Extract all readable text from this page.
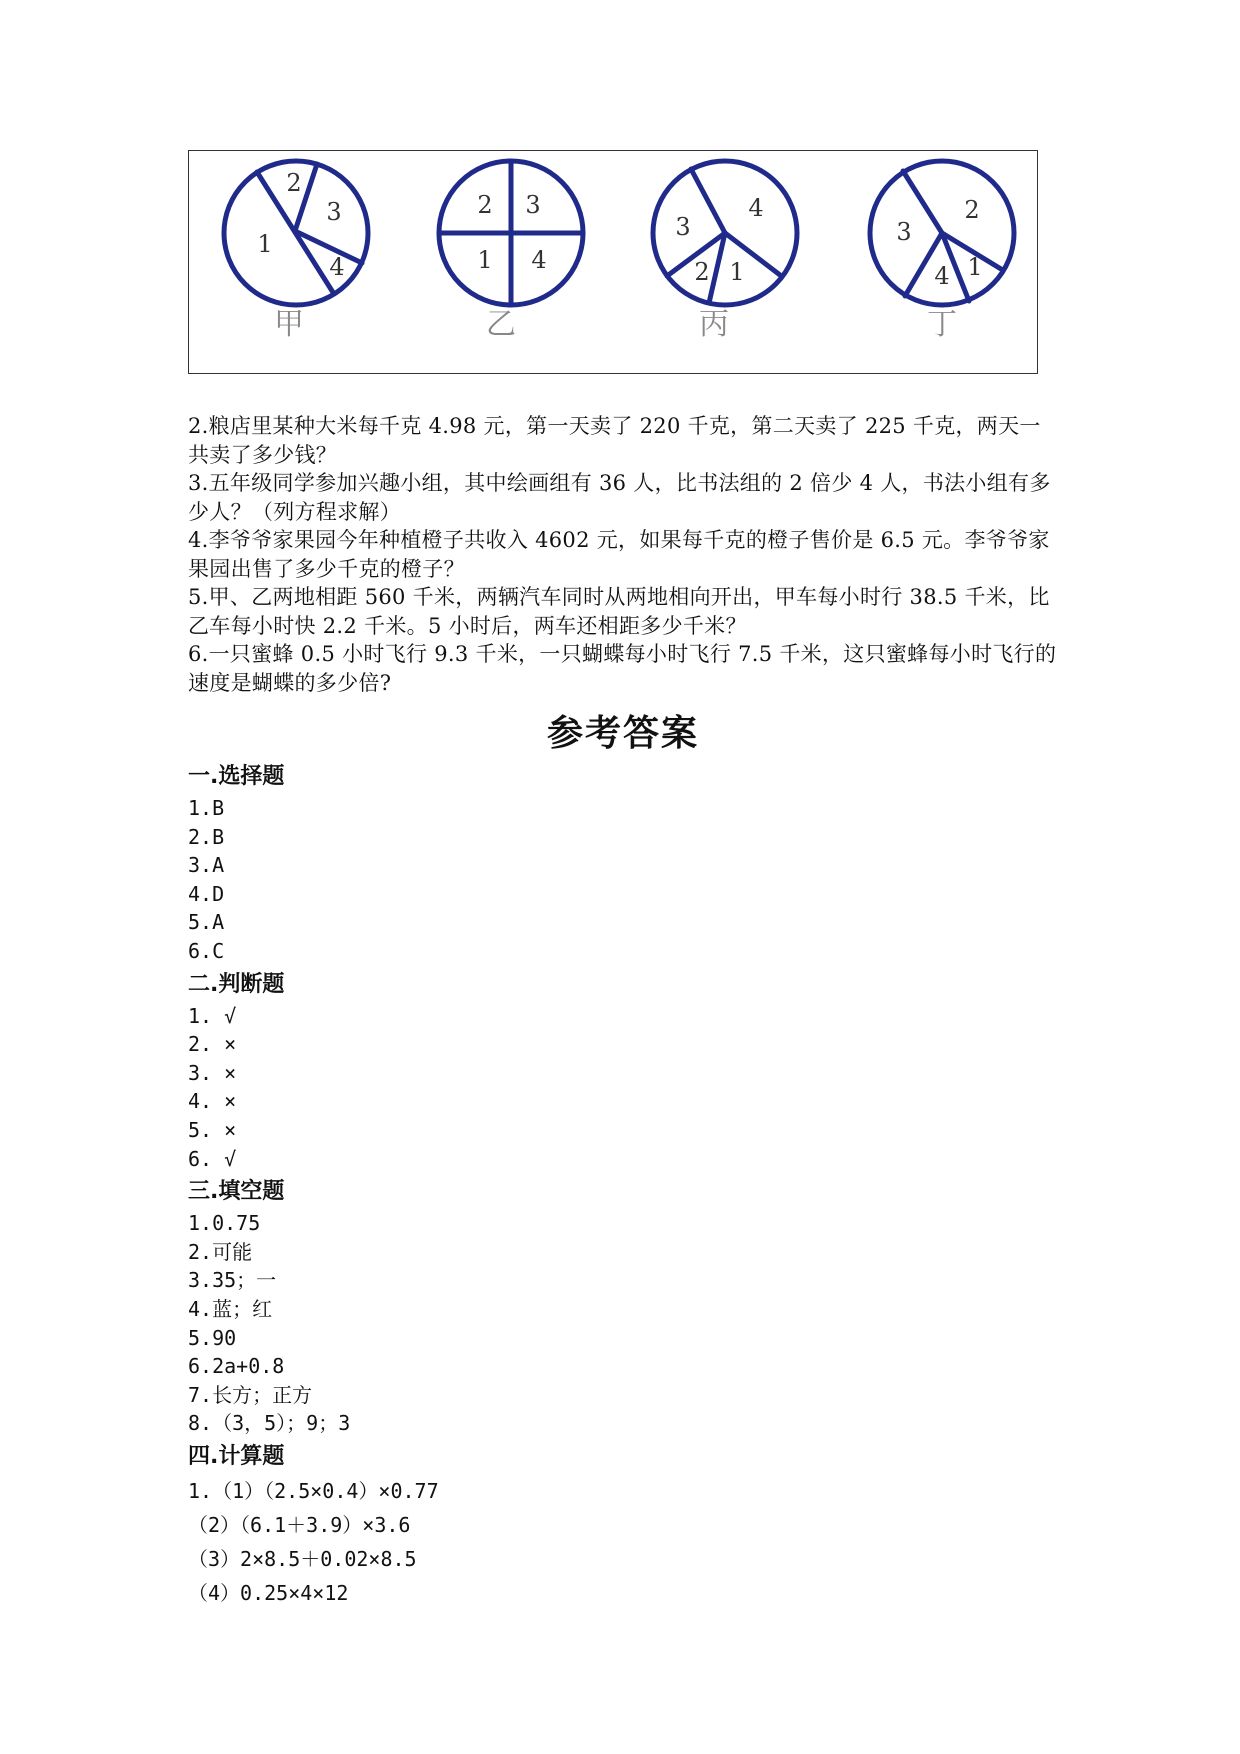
2
3
1
4
2 3
1 4
4
3
2 1
2
3
4 1
甲	乙	丙	丁

2.粮店里某种大米每千克 4.98 元，第一天卖了 220 千克，第二天卖了 225 千克，两天一共卖了多少钱？

3.五年级同学参加兴趣小组，其中绘画组有 36 人，比书法组的 2 倍少 4 人，书法小组有多少人？（列方程求解）

4.李爷爷家果园今年种植橙子共收入 4602 元，如果每千克的橙子售价是 6.5 元。李爷爷家果园出售了多少千克的橙子？

5.甲、乙两地相距 560 千米，两辆汽车同时从两地相向开出，甲车每小时行 38.5 千米，比乙车每小时快 2.2 千米。5 小时后，两车还相距多少千米？

6.一只蜜蜂 0.5 小时飞行 9.3 千米，一只蝴蝶每小时飞行 7.5 千米，这只蜜蜂每小时飞行的速度是蝴蝶的多少倍?

参考答案
一.选择题

1.B

2.B

3.A

4.D

5.A

6.C

二.判断题

1. √

2. ×

3. ×

4. ×

5. ×

6. √

三.填空题

1.0.75

2.可能

3.35；一

4.蓝；红

5.90

6.2a+0.8

7.长方；正方

8.（3，5）；9；3

四.计算题

1.（1）（2.5×0.4）×0.77

（2）（6.1＋3.9）×3.6

（3）2×8.5＋0.02×8.5

（4）0.25×4×12
